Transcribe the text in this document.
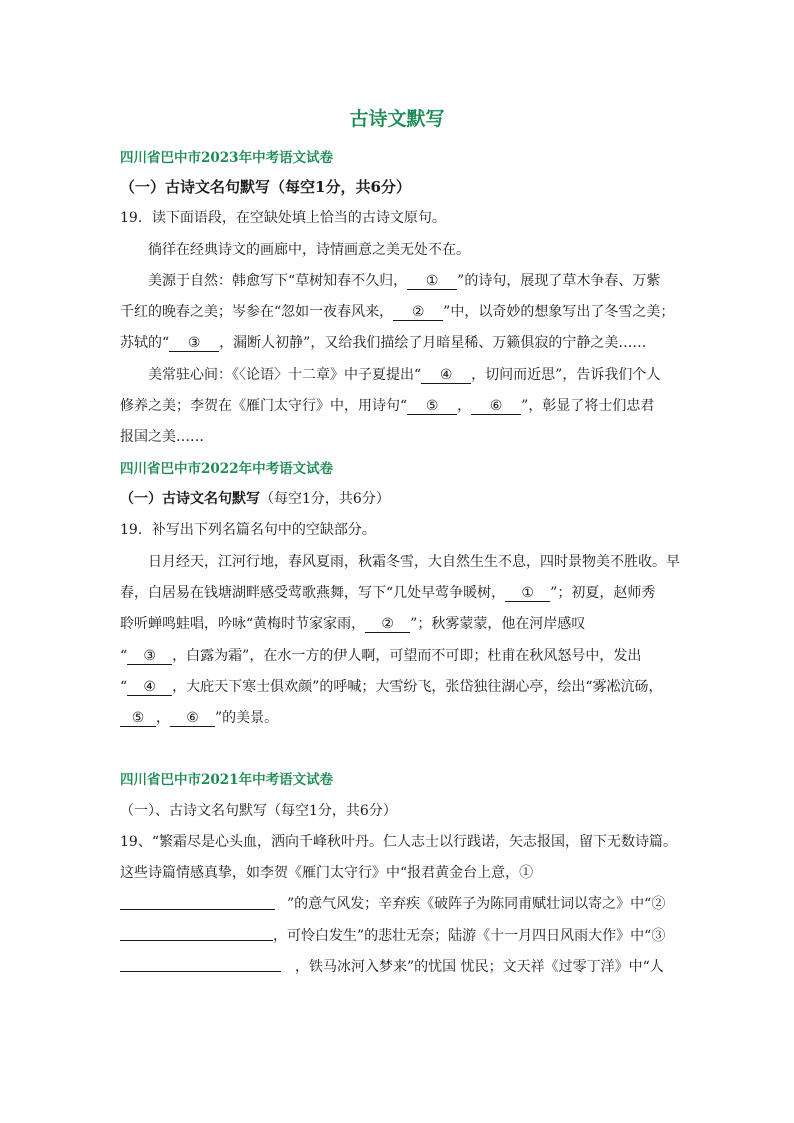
古诗文默写
四川省巴中市2023年中考语文试卷
（一）古诗文名句默写（每空1分，共6分）
19．读下面语段，在空缺处填上恰当的古诗文原句。
徜徉在经典诗文的画廊中，诗情画意之美无处不在。
美源于自然：韩愈写下“草树知春不久归， ① ”的诗句，展现了草木争春、万紫
千红的晚春之美；岑参在“忽如一夜春风来， ② ”中，以奇妙的想象写出了冬雪之美；
苏轼的“ ③ ，漏断人初静”，又给我们描绘了月暗星稀、万籁俱寂的宁静之美……
美常驻心间：《〈论语〉十二章》中子夏提出“ ④ ，切问而近思”，告诉我们个人
修养之美；李贺在《雁门太守行》中，用诗句“ ⑤ ， ⑥ ”，彰显了将士们忠君
报国之美……
四川省巴中市2022年中考语文试卷
（一）古诗文名句默写（每空1分，共6分）
19．补写出下列名篇名句中的空缺部分。
日月经天，江河行地，春风夏雨，秋霜冬雪，大自然生生不息，四时景物美不胜收。早
春，白居易在钱塘湖畔感受莺歌燕舞，写下“几处早莺争暖树， ① ”；初夏，赵师秀
聆听蝉鸣蛙唱，吟咏“黄梅时节家家雨， ② ”；秋雾蒙蒙，他在河岸感叹
“ ③ ，白露为霜”，在水一方的伊人啊，可望而不可即；杜甫在秋风怒号中，发出
“ ④ ，大庇天下寒士俱欢颜”的呼喊；大雪纷飞，张岱独往湖心亭，绘出“雾凇沆砀，
⑤ ， ⑥ ”的美景。
四川省巴中市2021年中考语文试卷
（一）、古诗文名句默写（每空1分，共6分）
19、“繁霜尽是心头血，洒向千峰秋叶丹。仁人志士以行践诺，矢志报国，留下无数诗篇。
这些诗篇情感真挚，如李贺《雁门太守行》中“报君黄金台上意，①
”的意气风发；辛弃疾《破阵子为陈同甫赋壮词以寄之》中“②
，可怜白发生”的悲壮无奈；陆游《十一月四日风雨大作》中“③
，铁马冰河入梦来”的忧国 忧民；文天祥《过零丁洋》中“人
